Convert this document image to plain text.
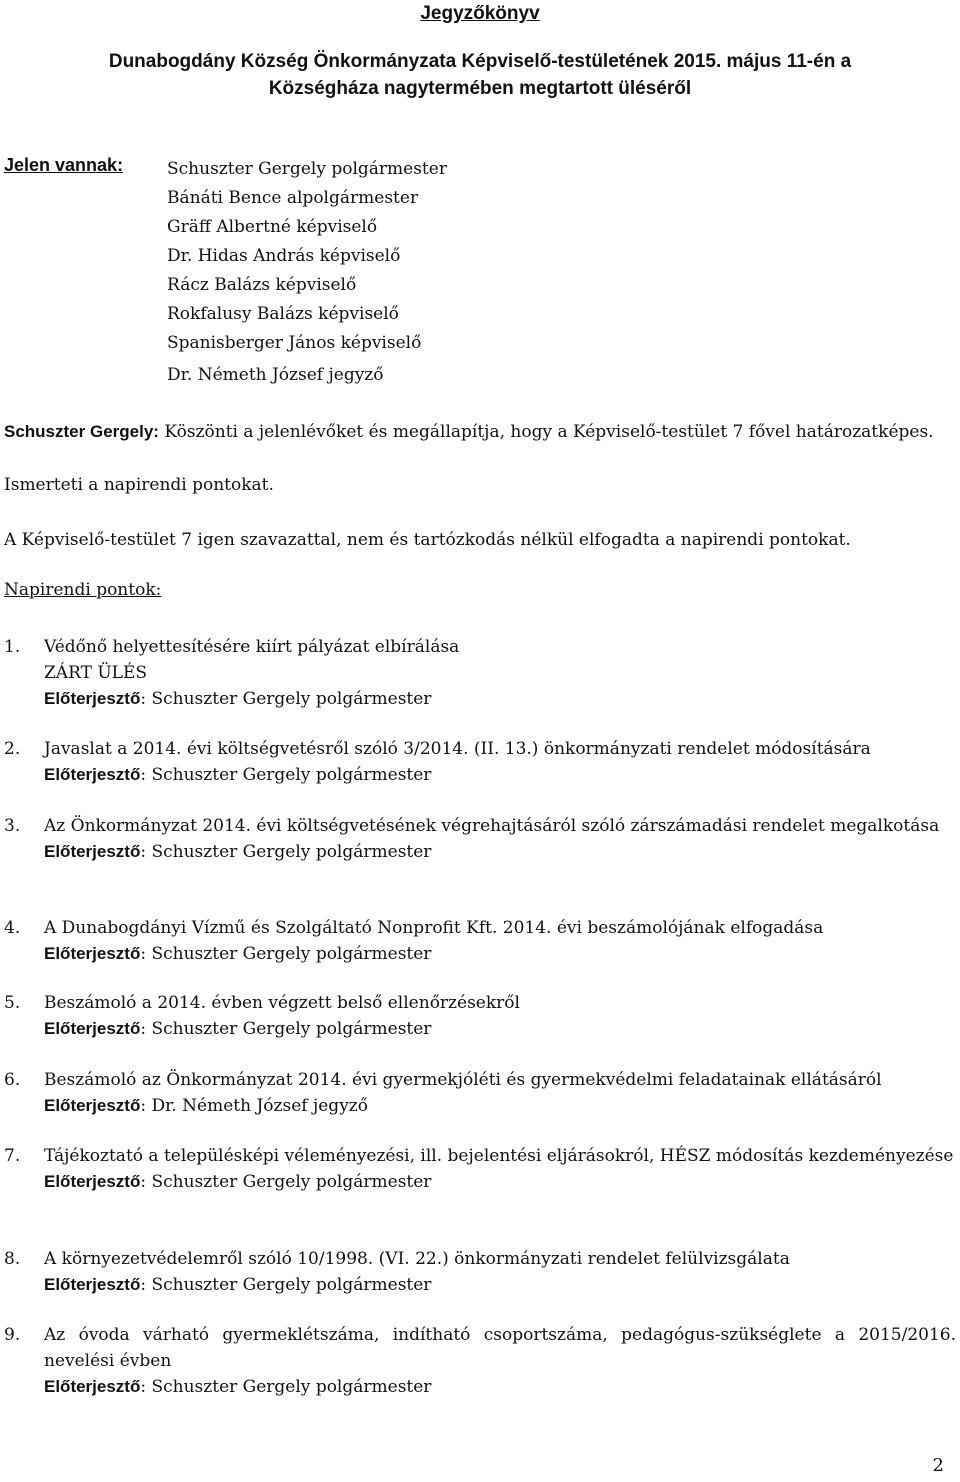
Jegyzőkönyv
Dunabogdány Község Önkormányzata Képviselő-testületének 2015. május 11-én a Községháza nagytermében megtartott üléséről
Jelen vannak:	Schuszter Gergely polgármester
Bánáti Bence alpolgármester
Gräff Albertné képviselő
Dr. Hidas András képviselő
Rácz Balázs képviselő
Rokfalusy Balázs képviselő
Spanisberger János képviselő
Dr. Németh József jegyző
Schuszter Gergely: Köszönti a jelenlévőket és megállapítja, hogy a Képviselő-testület 7 fővel határozatképes.
Ismerteti a napirendi pontokat.
A Képviselő-testület 7 igen szavazattal, nem és tartózkodás nélkül elfogadta a napirendi pontokat.
Napirendi pontok:
1. Védőnő helyettesítésére kiírt pályázat elbírálása
ZÁRT ÜLÉS
Előterjesztő: Schuszter Gergely polgármester
2. Javaslat a 2014. évi költségvetésről szóló 3/2014. (II. 13.) önkormányzati rendelet módosítására
Előterjesztő: Schuszter Gergely polgármester
3. Az Önkormányzat 2014. évi költségvetésének végrehajtásáról szóló zárszámadási rendelet megalkotása
Előterjesztő: Schuszter Gergely polgármester
4. A Dunabogdányi Vízmű és Szolgáltató Nonprofit Kft. 2014. évi beszámolójának elfogadása
Előterjesztő: Schuszter Gergely polgármester
5. Beszámoló a 2014. évben végzett belső ellenőrzésekről
Előterjesztő: Schuszter Gergely polgármester
6. Beszámoló az Önkormányzat 2014. évi gyermekjóléti és gyermekvédelmi feladatainak ellátásáról
Előterjesztő: Dr. Németh József jegyző
7. Tájékoztató a településképi véleményezési, ill. bejelentési eljárásokról, HÉSZ módosítás kezdeményezése
Előterjesztő: Schuszter Gergely polgármester
8. A környezetvédelemről szóló 10/1998. (VI. 22.) önkormányzati rendelet felülvizsgálata
Előterjesztő: Schuszter Gergely polgármester
9. Az óvoda várható gyermeklétszáma, indítható csoportszáma, pedagógus-szükséglete a 2015/2016. nevelési évben
Előterjesztő: Schuszter Gergely polgármester
2
